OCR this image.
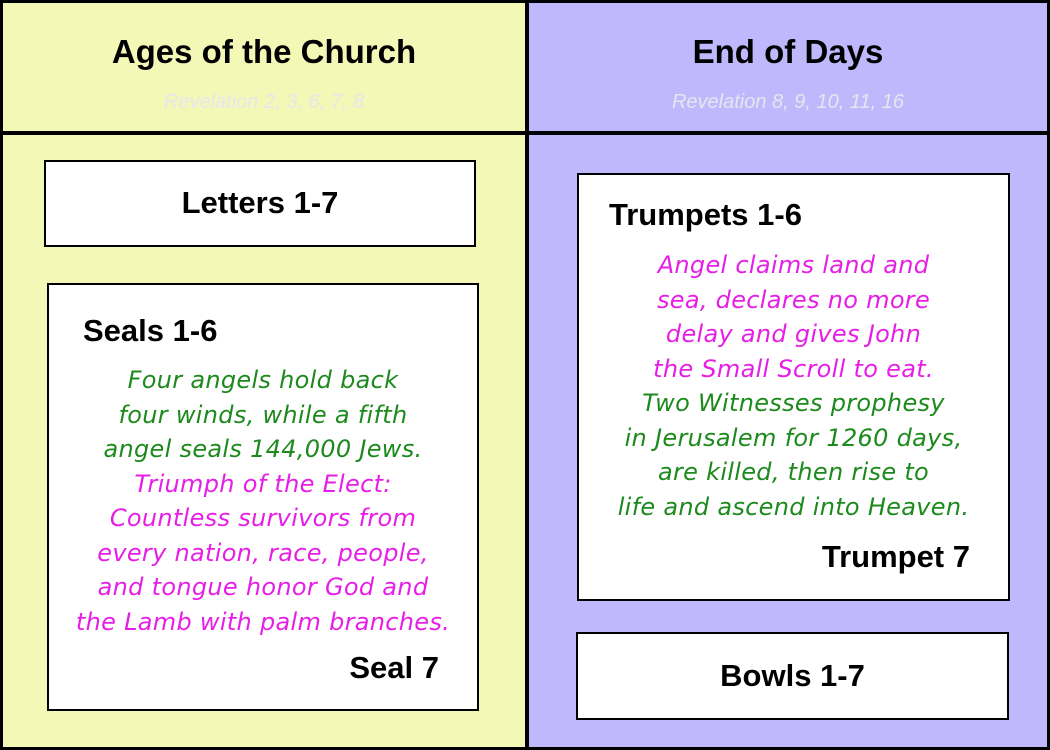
Ages of the Church
Revelation 2, 3, 6, 7, 8
End of Days
Revelation 8, 9, 10, 11, 16
Letters 1-7
Seals 1-6
Four angels hold back
four winds, while a fifth
angel seals 144,000 Jews.
Triumph of the Elect:
Countless survivors from
every nation, race, people,
and tongue honor God and
the Lamb with palm branches.
Seal 7
Trumpets 1-6
Angel claims land and
sea, declares no more
delay and gives John
the Small Scroll to eat.
Two Witnesses prophesy
in Jerusalem for 1260 days,
are killed, then rise to
life and ascend into Heaven.
Trumpet 7
Bowls 1-7
